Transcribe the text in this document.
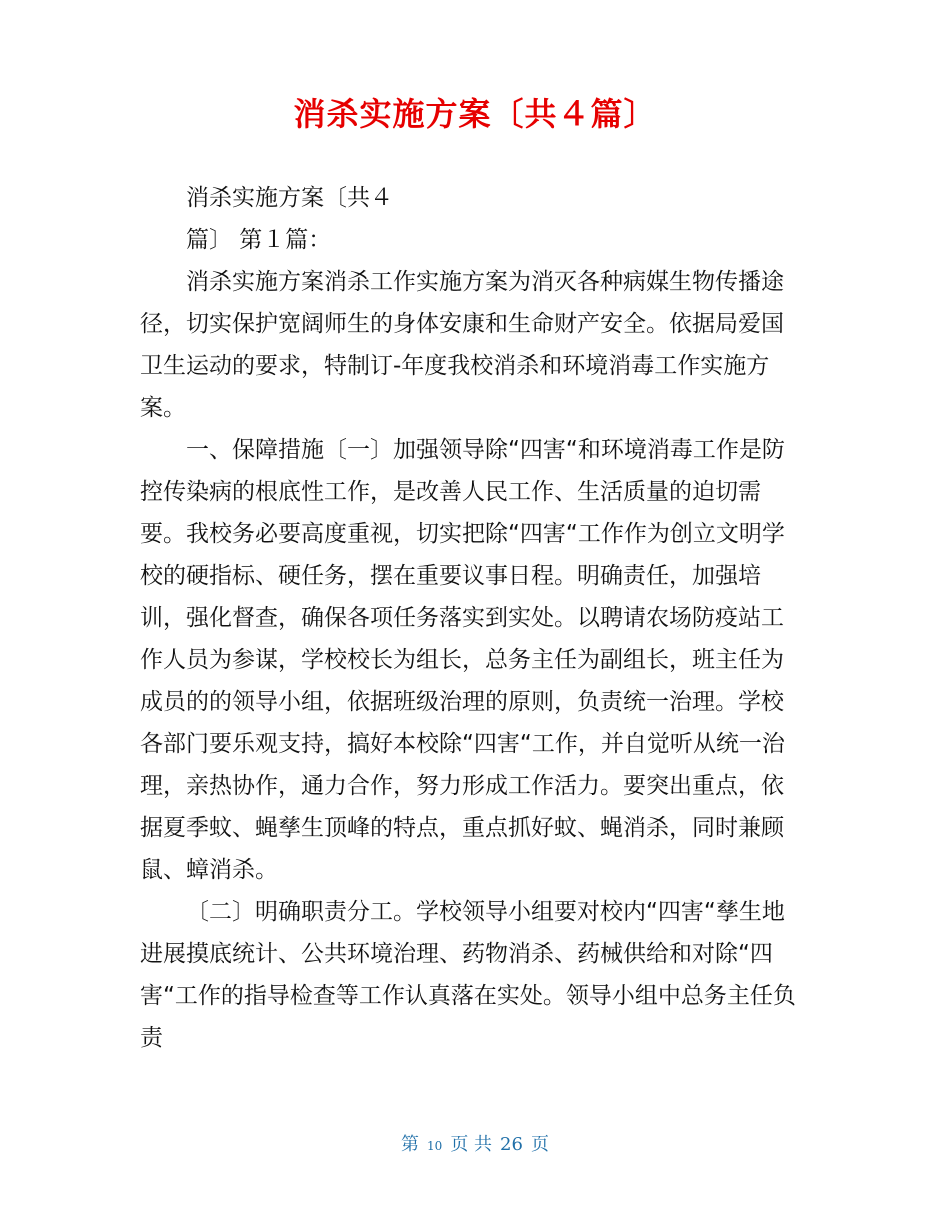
消杀实施方案〔共４篇〕
消杀实施方案〔共４
篇〕 第１篇：
消杀实施方案消杀工作实施方案为消灭各种病媒生物传播途
径，切实保护宽阔师生的身体安康和生命财产安全。依据局爱国
卫生运动的要求，特制订-年度我校消杀和环境消毒工作实施方
案。
一、保障措施〔一〕加强领导除“四害“和环境消毒工作是防
控传染病的根底性工作，是改善人民工作、生活质量的迫切需
要。我校务必要高度重视，切实把除“四害“工作作为创立文明学
校的硬指标、硬任务，摆在重要议事日程。明确责任，加强培
训，强化督查，确保各项任务落实到实处。以聘请农场防疫站工
作人员为参谋，学校校长为组长，总务主任为副组长，班主任为
成员的的领导小组，依据班级治理的原则，负责统一治理。学校
各部门要乐观支持，搞好本校除“四害“工作，并自觉听从统一治
理，亲热协作，通力合作，努力形成工作活力。要突出重点，依
据夏季蚊、蝇孳生顶峰的特点，重点抓好蚊、蝇消杀，同时兼顾
鼠、蟑消杀。
〔二〕明确职责分工。学校领导小组要对校内“四害“孳生地
进展摸底统计、公共环境治理、药物消杀、药械供给和对除“四
害“工作的指导检查等工作认真落在实处。领导小组中总务主任负
责
第 10 页 共 26 页
